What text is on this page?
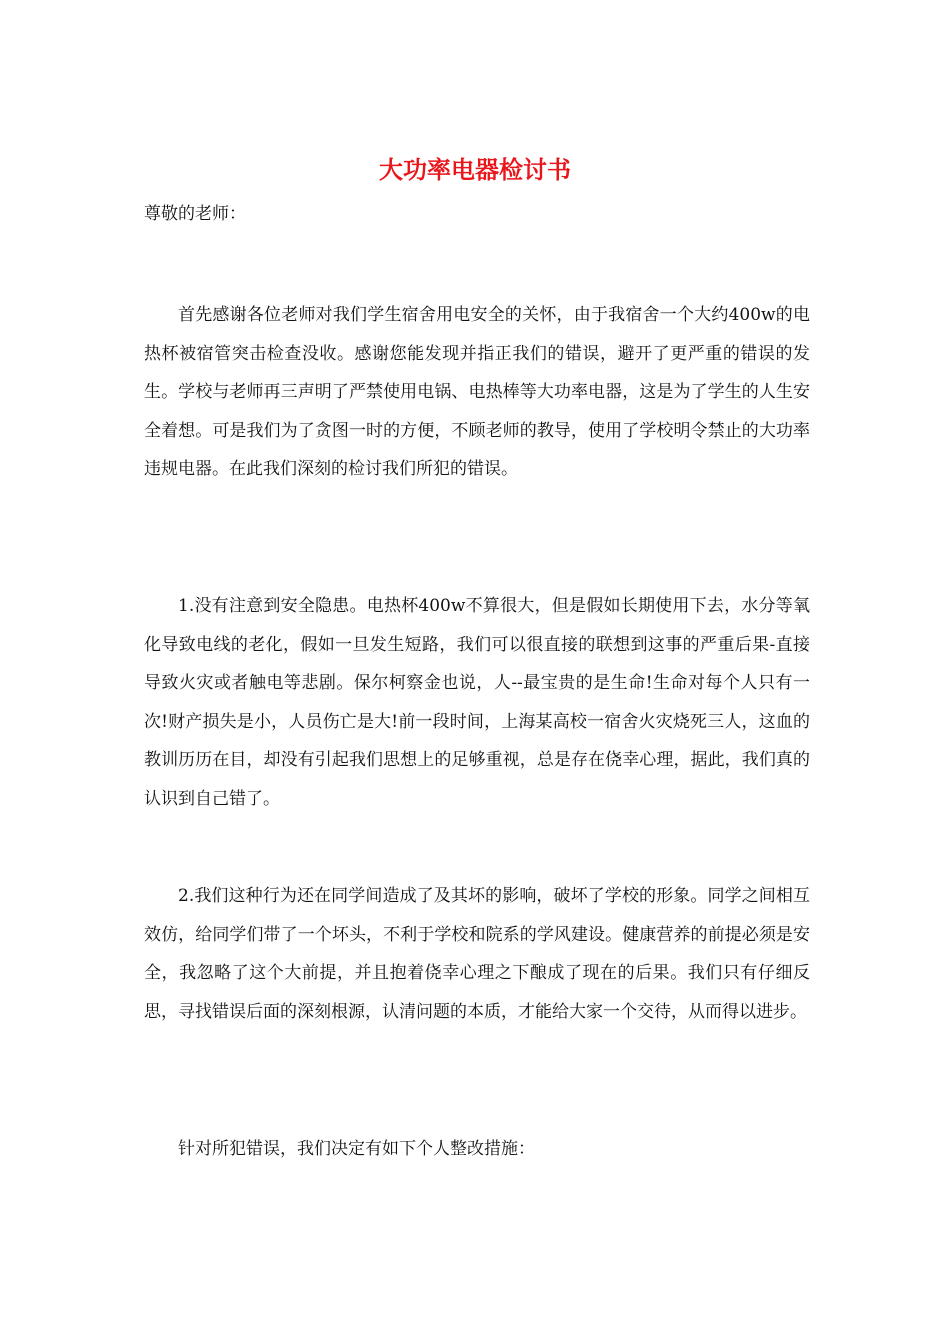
大功率电器检讨书

尊敬的老师：

首先感谢各位老师对我们学生宿舍用电安全的关怀，由于我宿舍一个大约400w的电热杯被宿管突击检查没收。感谢您能发现并指正我们的错误，避开了更严重的错误的发生。学校与老师再三声明了严禁使用电锅、电热棒等大功率电器，这是为了学生的人生安全着想。可是我们为了贪图一时的方便，不顾老师的教导，使用了学校明令禁止的大功率违规电器。在此我们深刻的检讨我们所犯的错误。

1.没有注意到安全隐患。电热杯400w不算很大，但是假如长期使用下去，水分等氧化导致电线的老化，假如一旦发生短路，我们可以很直接的联想到这事的严重后果-直接导致火灾或者触电等悲剧。保尔柯察金也说，人--最宝贵的是生命!生命对每个人只有一次!财产损失是小，人员伤亡是大!前一段时间，上海某高校一宿舍火灾烧死三人，这血的教训历历在目，却没有引起我们思想上的足够重视，总是存在侥幸心理，据此，我们真的认识到自己错了。

2.我们这种行为还在同学间造成了及其坏的影响，破坏了学校的形象。同学之间相互效仿，给同学们带了一个坏头，不利于学校和院系的学风建设。健康营养的前提必须是安全，我忽略了这个大前提，并且抱着侥幸心理之下酿成了现在的后果。我们只有仔细反思，寻找错误后面的深刻根源，认清问题的本质，才能给大家一个交待，从而得以进步。

针对所犯错误，我们决定有如下个人整改措施：
